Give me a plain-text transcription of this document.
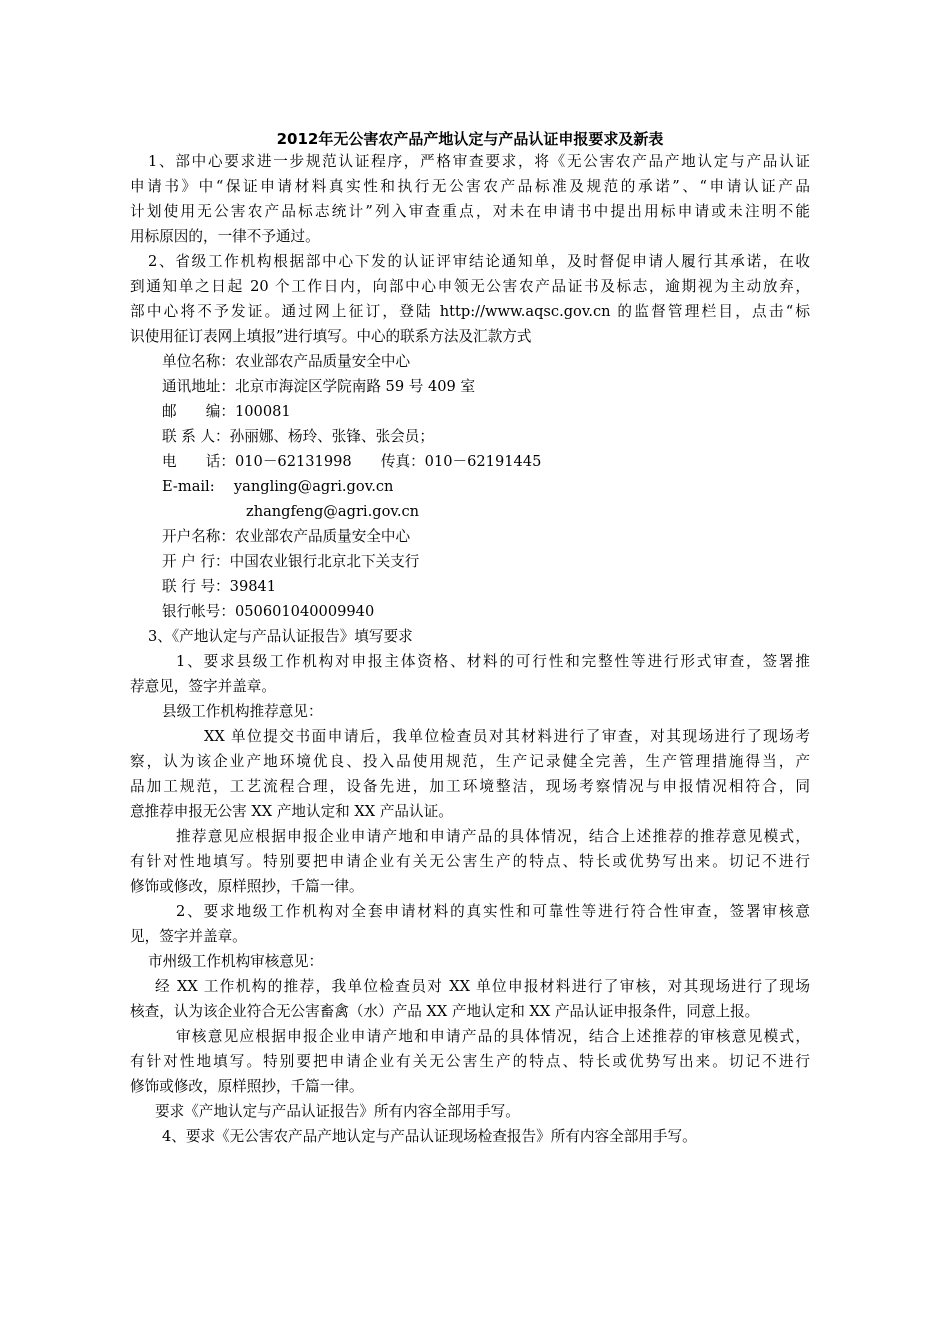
2012年无公害农产品产地认定与产品认证申报要求及新表
1、部中心要求进一步规范认证程序，严格审查要求，将《无公害农产品产地认定与产品认证
申请书》中“保证申请材料真实性和执行无公害农产品标准及规范的承诺”、“申请认证产品
计划使用无公害农产品标志统计”列入审查重点，对未在申请书中提出用标申请或未注明不能
用标原因的，一律不予通过。
2、省级工作机构根据部中心下发的认证评审结论通知单，及时督促申请人履行其承诺，在收
到通知单之日起 20 个工作日内，向部中心申领无公害农产品证书及标志，逾期视为主动放弃，
部中心将不予发证。通过网上征订，登陆 http://www.aqsc.gov.cn 的监督管理栏目，点击“标
识使用征订表网上填报”进行填写。中心的联系方法及汇款方式
单位名称：农业部农产品质量安全中心
通讯地址：北京市海淀区学院南路 59 号 409 室
邮　　编：100081
联 系 人：孙丽娜、杨玲、张锋、张会员；
电　　话：010－62131998　　传真：010－62191445
E-mail:　 yangling@agri.gov.cn
zhangfeng@agri.gov.cn
开户名称：农业部农产品质量安全中心
开 户 行：中国农业银行北京北下关支行
联 行 号：39841
银行帐号：050601040009940
3、《产地认定与产品认证报告》填写要求
1、要求县级工作机构对申报主体资格、材料的可行性和完整性等进行形式审查，签署推
荐意见，签字并盖章。
县级工作机构推荐意见：
XX 单位提交书面申请后，我单位检查员对其材料进行了审查，对其现场进行了现场考
察，认为该企业产地环境优良、投入品使用规范，生产记录健全完善，生产管理措施得当，产
品加工规范，工艺流程合理，设备先进，加工环境整洁，现场考察情况与申报情况相符合，同
意推荐申报无公害 XX 产地认定和 XX 产品认证。
推荐意见应根据申报企业申请产地和申请产品的具体情况，结合上述推荐的推荐意见模式，
有针对性地填写。特别要把申请企业有关无公害生产的特点、特长或优势写出来。切记不进行
修饰或修改，原样照抄，千篇一律。
2、要求地级工作机构对全套申请材料的真实性和可靠性等进行符合性审查，签署审核意
见，签字并盖章。
市州级工作机构审核意见：
经 XX 工作机构的推荐，我单位检查员对 XX 单位申报材料进行了审核，对其现场进行了现场
核查，认为该企业符合无公害畜禽（水）产品 XX 产地认定和 XX 产品认证申报条件，同意上报。
审核意见应根据申报企业申请产地和申请产品的具体情况，结合上述推荐的审核意见模式，
有针对性地填写。特别要把申请企业有关无公害生产的特点、特长或优势写出来。切记不进行
修饰或修改，原样照抄，千篇一律。
要求《产地认定与产品认证报告》所有内容全部用手写。
4、要求《无公害农产品产地认定与产品认证现场检查报告》所有内容全部用手写。
